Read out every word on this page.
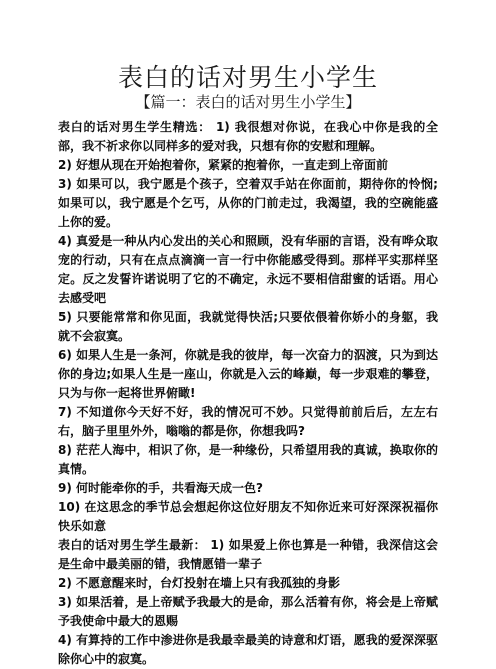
表白的话对男生小学生
【篇一：表白的话对男生小学生】

表白的话对男生学生精选： 1) 我很想对你说，在我心中你是我的全部，我不祈求你以同样多的爱对我，只想有你的安慰和理解。

2) 好想从现在开始抱着你，紧紧的抱着你，一直走到上帝面前

3) 如果可以，我宁愿是个孩子，空着双手站在你面前，期待你的怜悯;如果可以，我宁愿是个乞丐，从你的门前走过，我渴望，我的空碗能盛上你的爱。

4) 真爱是一种从内心发出的关心和照顾，没有华丽的言语，没有哗众取宠的行动，只有在点点滴滴一言一行中你能感受得到。那样平实那样坚定。反之发誓许诺说明了它的不确定，永远不要相信甜蜜的话语。用心去感受吧

5) 只要能常常和你见面，我就觉得快活;只要依偎着你娇小的身躯，我就不会寂寞。

6) 如果人生是一条河，你就是我的彼岸，每一次奋力的泅渡，只为到达你的身边;如果人生是一座山，你就是入云的峰巅，每一步艰难的攀登，只为与你一起将世界俯瞰!

7) 不知道你今天好不好，我的情况可不妙。只觉得前前后后，左左右右，脑子里里外外，嗡嗡的都是你，你想我吗?

8) 茫茫人海中，相识了你，是一种缘份，只希望用我的真诚，换取你的真情。

9) 何时能牵你的手，共看海天成一色?

10) 在这思念的季节总会想起你这位好朋友不知你近来可好深深祝福你快乐如意

表白的话对男生学生最新： 1) 如果爱上你也算是一种错，我深信这会是生命中最美丽的错，我情愿错一辈子

2) 不愿意醒来时，台灯投射在墙上只有我孤独的身影

3) 如果活着，是上帝赋予我最大的是命，那么活着有你，将会是上帝赋予我使命中最大的恩赐

4) 有算持的工作中渗进你是我最幸最美的诗意和灯语，愿我的爱深深驱除你心中的寂寞。
